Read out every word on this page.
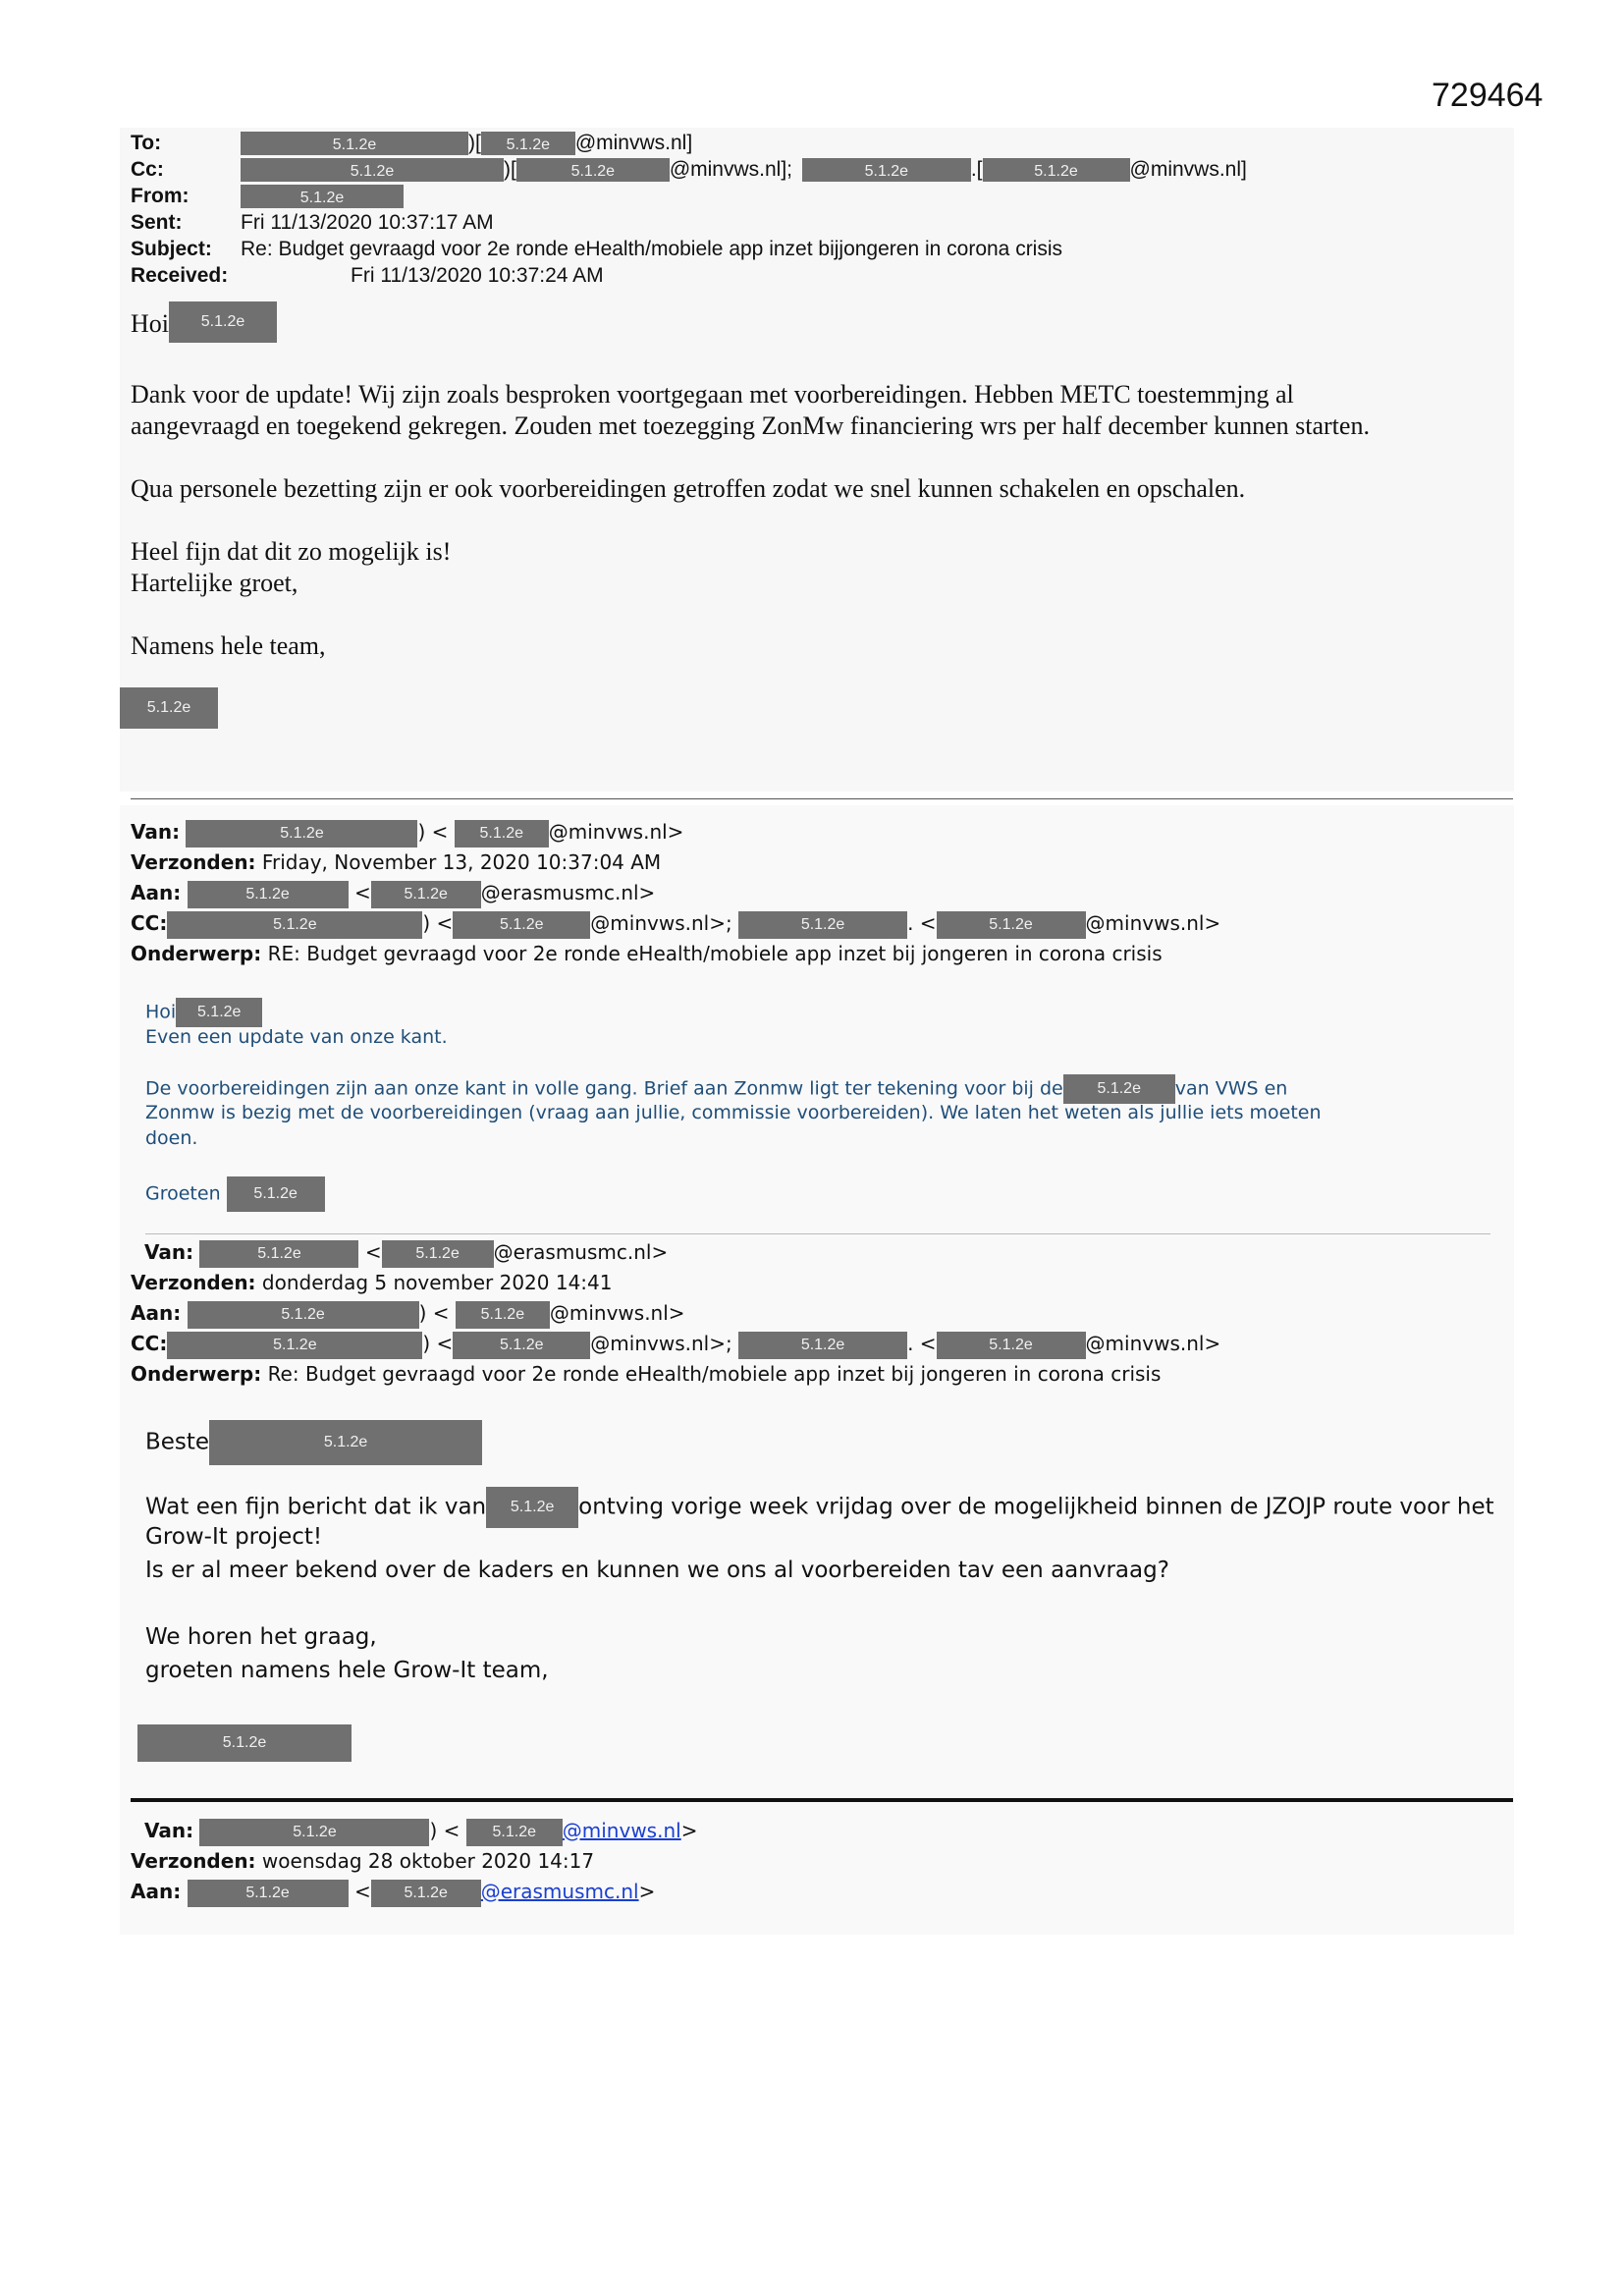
729464
To:	5.1.2e	)[ 5.1.2e @minvws.nl]
Cc:	5.1.2e	)[	5.1.2e	@minvws.nl];	5.1.2e	.[	5.1.2e	@minvws.nl]
From:	5.1.2e
Sent:	Fri 11/13/2020 10:37:17 AM
Subject: Re: Budget gevraagd voor 2e ronde eHealth/mobiele app inzet bijjongeren in corona crisis
Received:	Fri 11/13/2020 10:37:24 AM
Hoi 5.1.2e
Dank voor de update! Wij zijn zoals besproken voortgegaan met voorbereidingen. Hebben METC toestemmjng al
aangevraagd en toegekend gekregen. Zouden met toezegging ZonMw financiering wrs per half december kunnen starten.
Qua personele bezetting zijn er ook voorbereidingen getroffen zodat we snel kunnen schakelen en opschalen.
Heel fijn dat dit zo mogelijk is!
Hartelijke groet,
Namens hele team,
5.1.2e
Van:	5.1.2e	) < 5.1.2e @minvws.nl>
Verzonden: Friday, November 13, 2020 10:37:04 AM
Aan:	5.1.2e	< 5.1.2e @erasmusmc.nl>
CC:	5.1.2e	) <	5.1.2e @minvws.nl>;	5.1.2e	. <	5.1.2e	@minvws.nl>
Onderwerp: RE: Budget gevraagd voor 2e ronde eHealth/mobiele app inzet bij jongeren in corona crisis
Hoi 5.1.2e
Even een update van onze kant.
De voorbereidingen zijn aan onze kant in volle gang. Brief aan Zonmw ligt ter tekening voor bij de 5.1.2e van VWS en
Zonmw is bezig met de voorbereidingen (vraag aan jullie, commissie voorbereiden). We laten het weten als jullie iets moeten
doen.
Groeten 5.1.2e
Van:	5.1.2e	< 5.1.2e @erasmusmc.nl>
Verzonden: donderdag 5 november 2020 14:41
Aan:	5.1.2e	) < 5.1.2e @minvws.nl>
CC:	5.1.2e	) <	5.1.2e @minvws.nl>;	5.1.2e	. <	5.1.2e	@minvws.nl>
Onderwerp: Re: Budget gevraagd voor 2e ronde eHealth/mobiele app inzet bij jongeren in corona crisis
Beste	5.1.2e
Wat een fijn bericht dat ik van 5.1.2e ontving vorige week vrijdag over de mogelijkheid binnen de JZOJP route voor het
Grow-It project!
Is er al meer bekend over de kaders en kunnen we ons al voorbereiden tav een aanvraag?
We horen het graag,
groeten namens hele Grow-It team,
5.1.2e
Van:	5.1.2e	) < 5.1.2e @minvws.nl>
Verzonden: woensdag 28 oktober 2020 14:17
Aan:	5.1.2e	< 5.1.2e @erasmusmc.nl>
